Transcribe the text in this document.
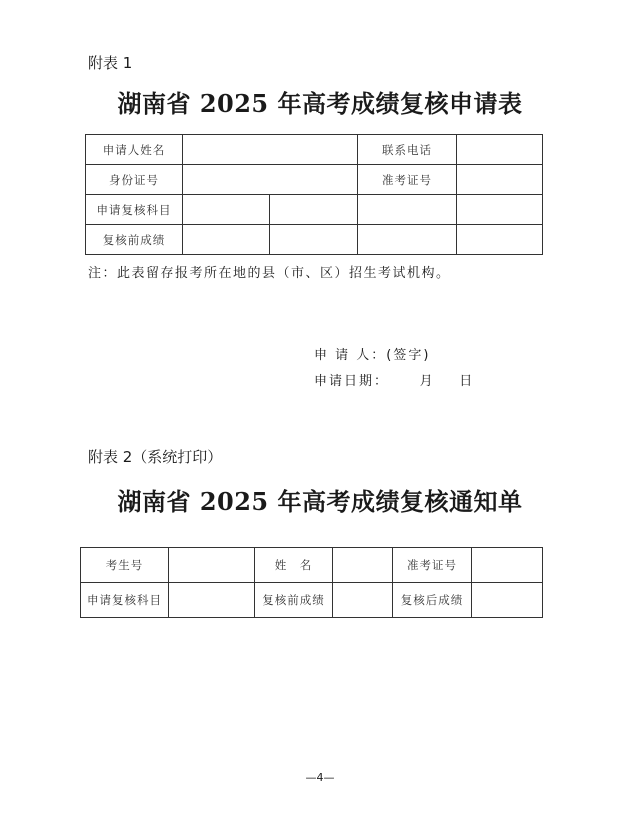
附表 1
湖南省 2025 年高考成绩复核申请表
申请人姓名			联系电话	
身份证号			准考证号	
申请复核科目				
复核前成绩				
注：此表留存报考所在地的县（市、区）招生考试机构。
申 请 人：(签字)
申请日期：     月    日
附表 2（系统打印）
湖南省 2025 年高考成绩复核通知单
考生号		姓　名		准考证号	
申请复核科目		复核前成绩		复核后成绩	
—4—
